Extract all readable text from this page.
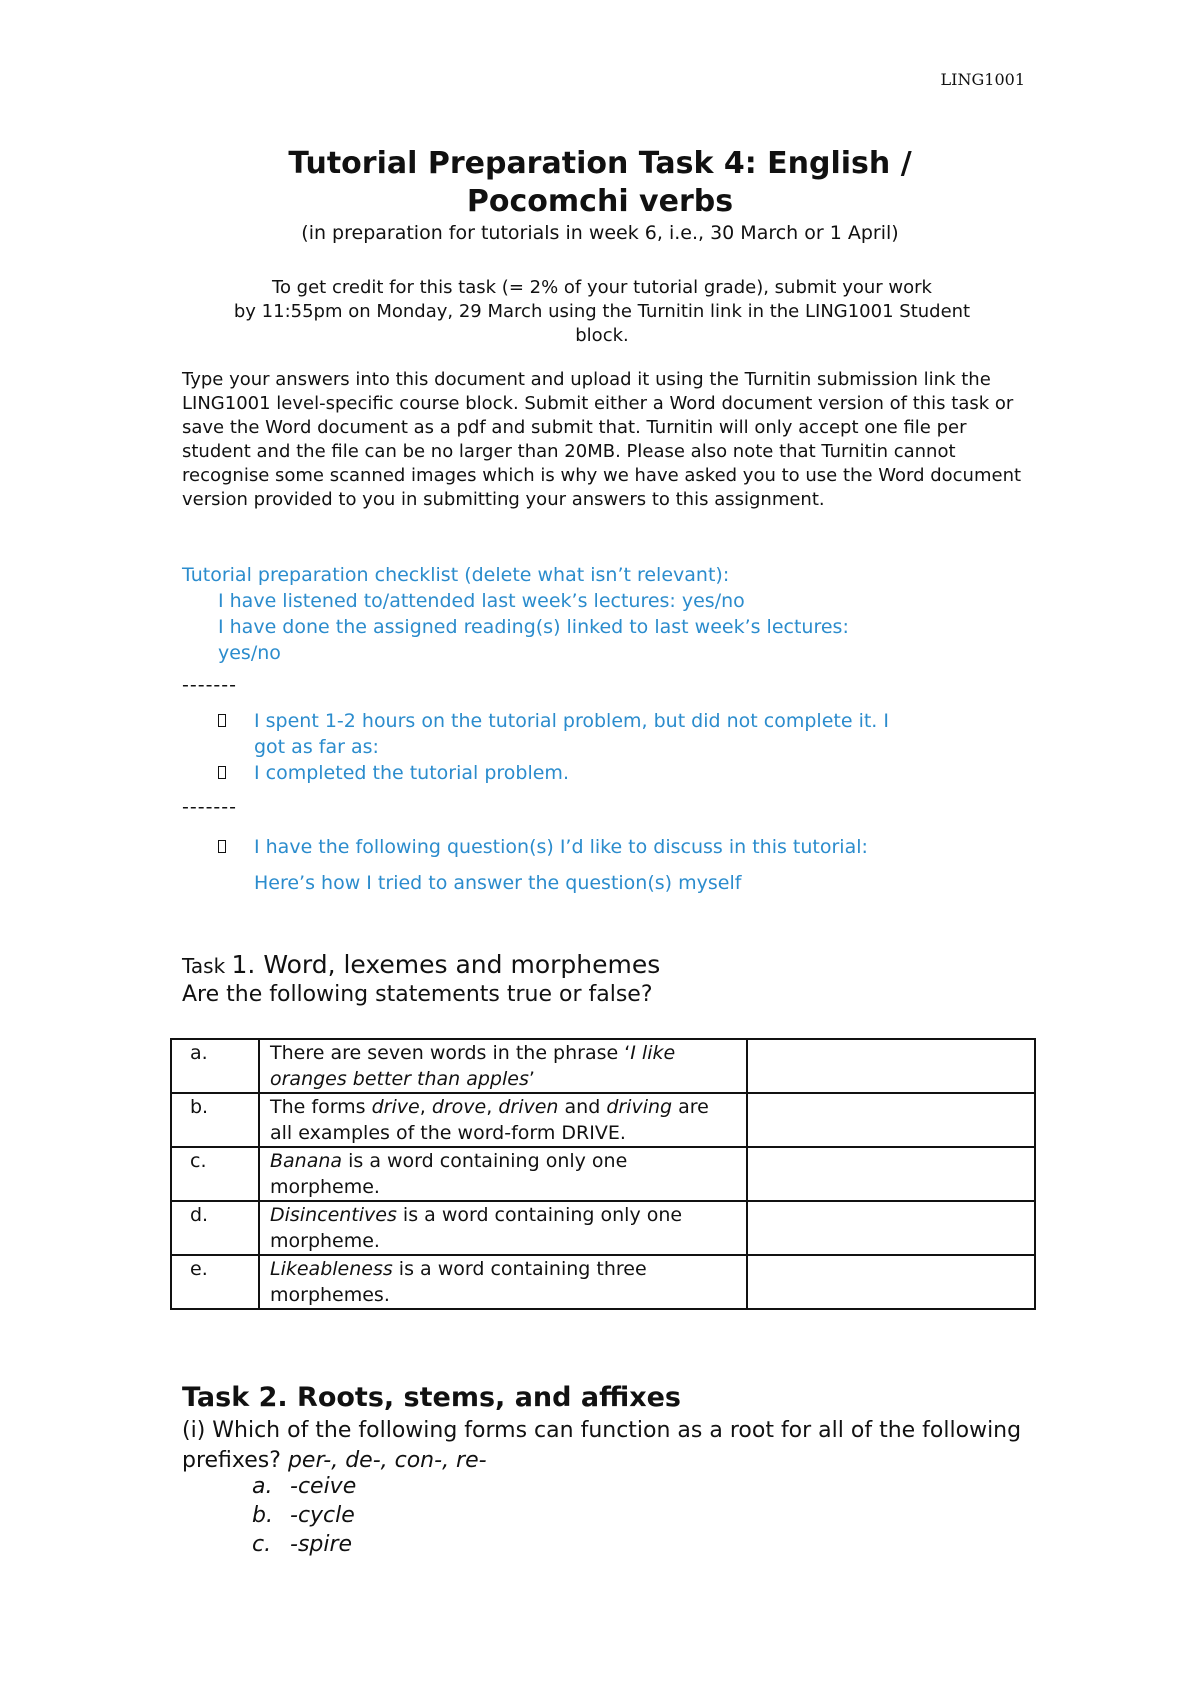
LING1001
Tutorial Preparation Task 4: English /
Pocomchi verbs
(in preparation for tutorials in week 6, i.e., 30 March or 1 April)
To get credit for this task (= 2% of your tutorial grade), submit your work
by 11:55pm on Monday, 29 March using the Turnitin link in the LING1001 Student
block.
Type your answers into this document and upload it using the Turnitin submission link the LING1001 level-specific course block. Submit either a Word document version of this task or save the Word document as a pdf and submit that. Turnitin will only accept one file per student and the file can be no larger than 20MB. Please also note that Turnitin cannot recognise some scanned images which is why we have asked you to use the Word document version provided to you in submitting your answers to this assignment.
Tutorial preparation checklist (delete what isn’t relevant):
I have listened to/attended last week’s lectures: yes/no
I have done the assigned reading(s) linked to last week’s lectures:
yes/no
-------
I spent 1-2 hours on the tutorial problem, but did not complete it. I
got as far as:
I completed the tutorial problem.
-------
I have the following question(s) I’d like to discuss in this tutorial:
Here’s how I tried to answer the question(s) myself
Task 1. Word, lexemes and morphemes
Are the following statements true or false?
a.	There are seven words in the phrase ‘I like oranges better than apples’	
b.	The forms drive, drove, driven and driving are all examples of the word-form DRIVE.	
c.	Banana is a word containing only one morpheme.	
d.	Disincentives is a word containing only one morpheme.	
e.	Likeableness is a word containing three morphemes.	
Task 2. Roots, stems, and affixes
(i) Which of the following forms can function as a root for all of the following prefixes? per-, de-, con-, re-
a. -ceive
b. -cycle
c. -spire
